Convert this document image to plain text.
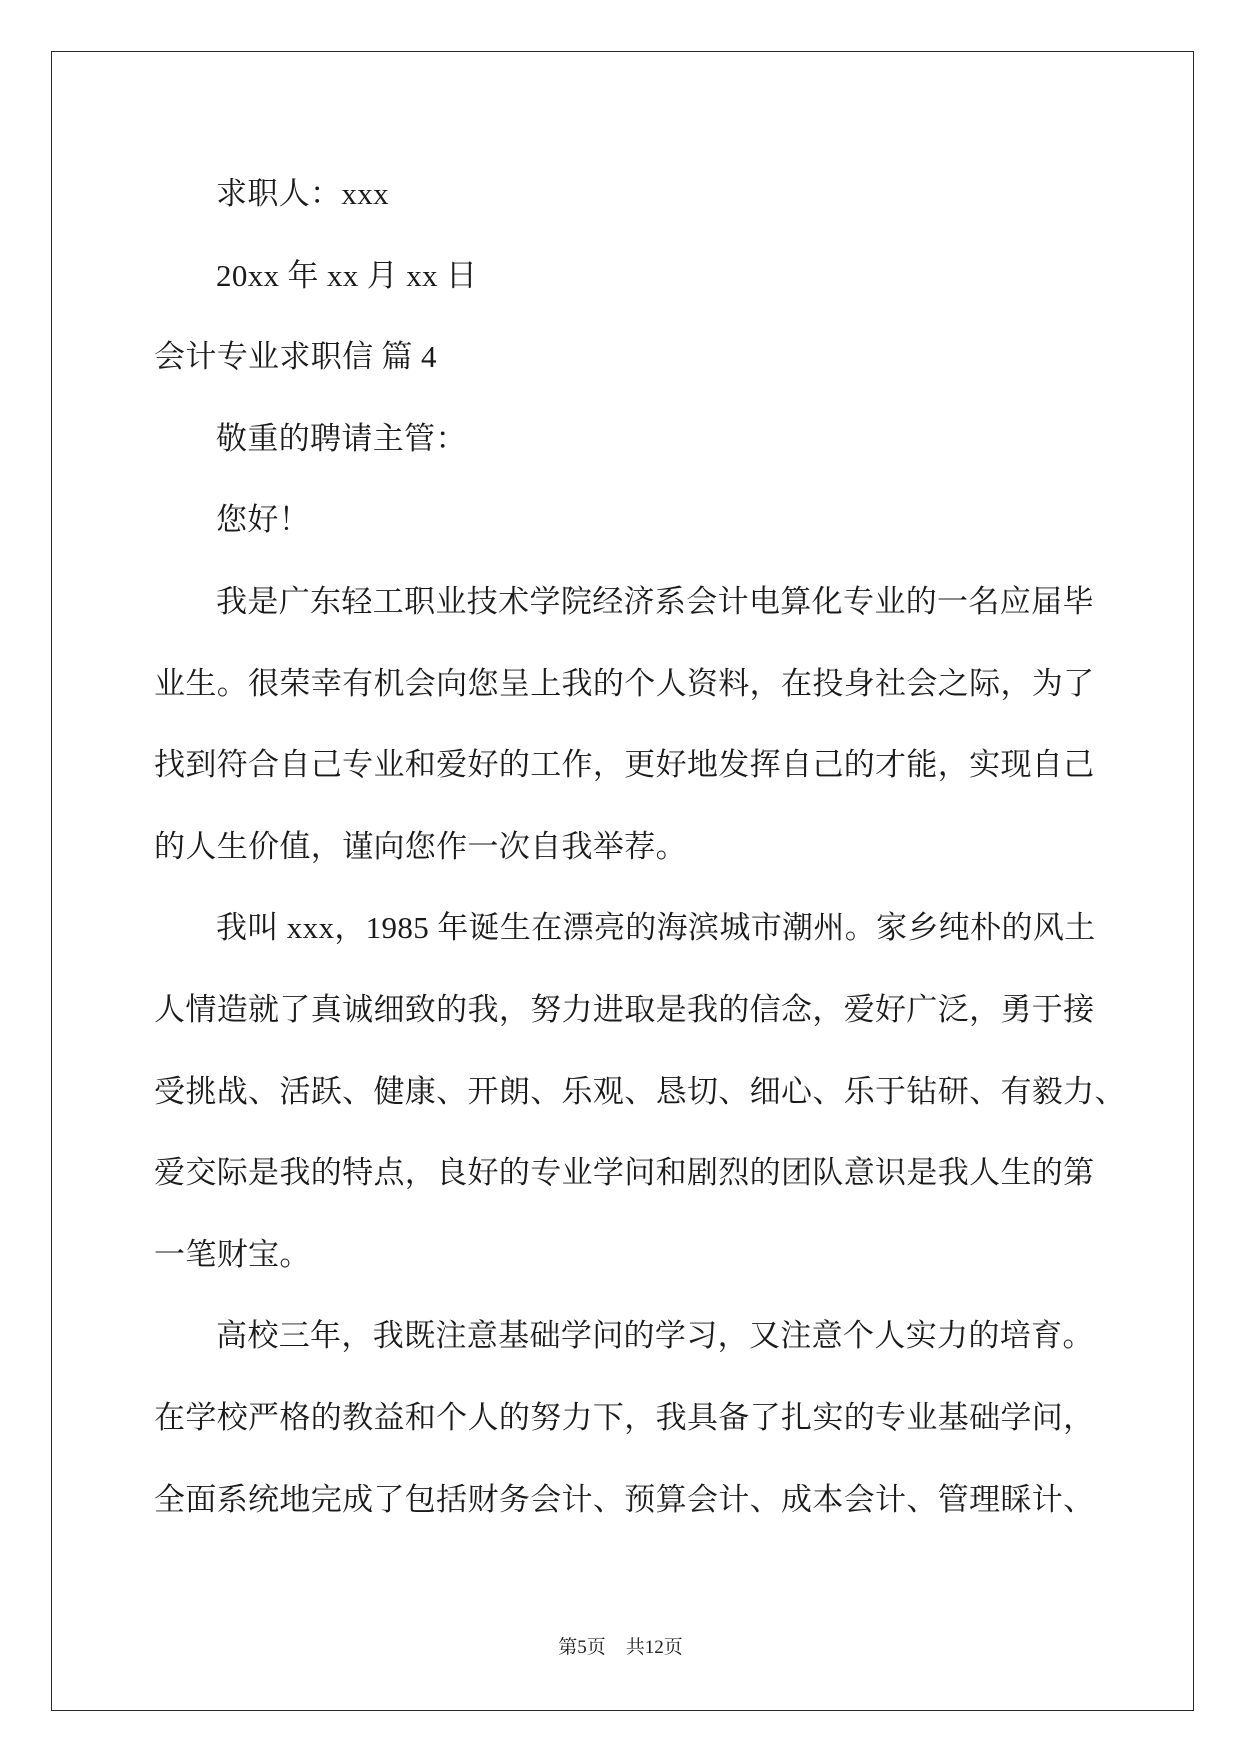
求职人：xxx
20xx 年 xx 月 xx 日
会计专业求职信 篇 4
敬重的聘请主管：
您好！
我是广东轻工职业技术学院经济系会计电算化专业的一名应届毕
业生。很荣幸有机会向您呈上我的个人资料，在投身社会之际，为了
找到符合自己专业和爱好的工作，更好地发挥自己的才能，实现自己
的人生价值，谨向您作一次自我举荐。
我叫 xxx，1985 年诞生在漂亮的海滨城市潮州。家乡纯朴的风土
人情造就了真诚细致的我，努力进取是我的信念，爱好广泛，勇于接
受挑战、活跃、健康、开朗、乐观、恳切、细心、乐于钻研、有毅力、
爱交际是我的特点，良好的专业学问和剧烈的团队意识是我人生的第
一笔财宝。
高校三年，我既注意基础学问的学习，又注意个人实力的培育。
在学校严格的教益和个人的努力下，我具备了扎实的专业基础学问，
全面系统地完成了包括财务会计、预算会计、成本会计、管理睬计、
第5页 共12页
